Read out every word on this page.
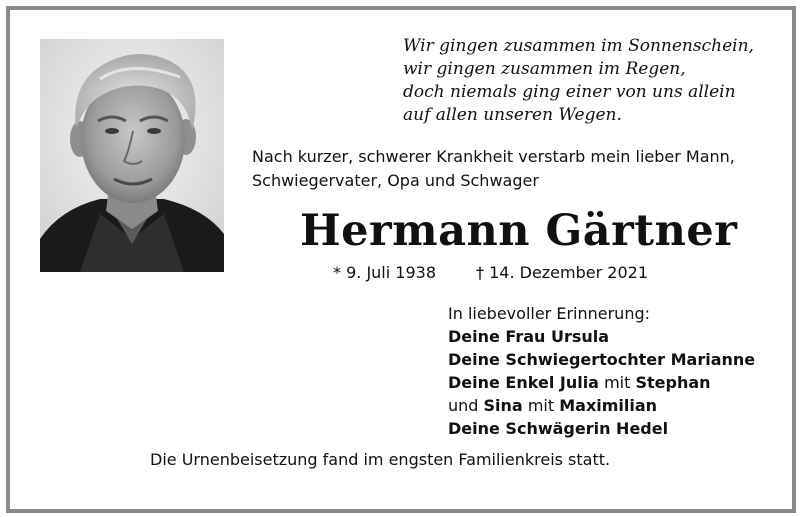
Wir gingen zusammen im Sonnenschein,
wir gingen zusammen im Regen,
doch niemals ging einer von uns allein
auf allen unseren Wegen.
Nach kurzer, schwerer Krankheit verstarb mein lieber Mann,
Schwiegervater, Opa und Schwager
Hermann Gärtner
* 9. Juli 1938	† 14. Dezember 2021
In liebevoller Erinnerung:
Deine Frau Ursula
Deine Schwiegertochter Marianne
Deine Enkel Julia mit Stephan
und Sina mit Maximilian
Deine Schwägerin Hedel
Die Urnenbeisetzung fand im engsten Familienkreis statt.
